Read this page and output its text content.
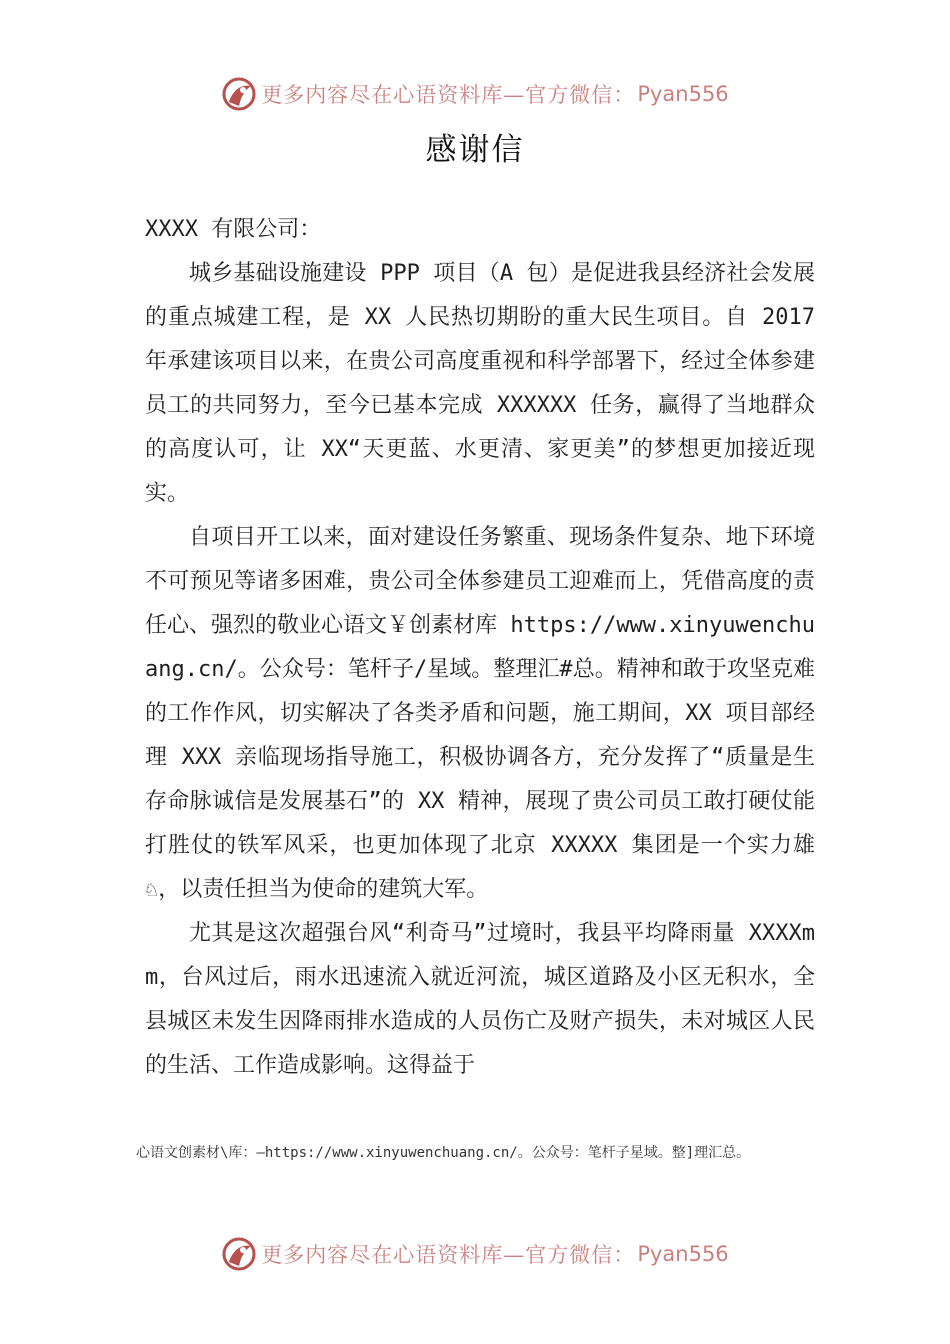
更多内容尽在心语资料库—官方微信： Pyan556
感谢信

XXXX 有限公司：

城乡基础设施建设 PPP 项目（A 包）是促进我县经济社会发展的重点城建工程，是 XX 人民热切期盼的重大民生项目。自 2017 年承建该项目以来，在贵公司高度重视和科学部署下，经过全体参建员工的共同努力，至今已基本完成 XXXXXX 任务，赢得了当地群众的高度认可，让 XX“天更蓝、水更清、家更美”的梦想更加接近现实。

自项目开工以来，面对建设任务繁重、现场条件复杂、地下环境不可预见等诸多困难，贵公司全体参建员工迎难而上，凭借高度的责任心、强烈的敬业心语文￥创素材库 https://www.xinyuwenchuang.cn/。公众号：笔杆子/星域。整理汇#总。精神和敢于攻坚克难的工作作风，切实解决了各类矛盾和问题，施工期间，XX 项目部经理 XXX 亲临现场指导施工，积极协调各方，充分发挥了“质量是生存命脉诚信是发展基石”的 XX 精神，展现了贵公司员工敢打硬仗能打胜仗的铁军风采，也更加体现了北京 XXXXX 集团是一个实力雄♘，以责任担当为使命的建筑大军。

尤其是这次超强台风“利奇马”过境时，我县平均降雨量 XXXXmm，台风过后，雨水迅速流入就近河流，城区道路及小区无积水，全县城区未发生因降雨排水造成的人员伤亡及财产损失，未对城区人民的生活、工作造成影响。这得益于

心语文创素材\库：—https://www.xinyuwenchuang.cn/。公众号：笔杆子星域。整]理汇总。
更多内容尽在心语资料库—官方微信： Pyan556
